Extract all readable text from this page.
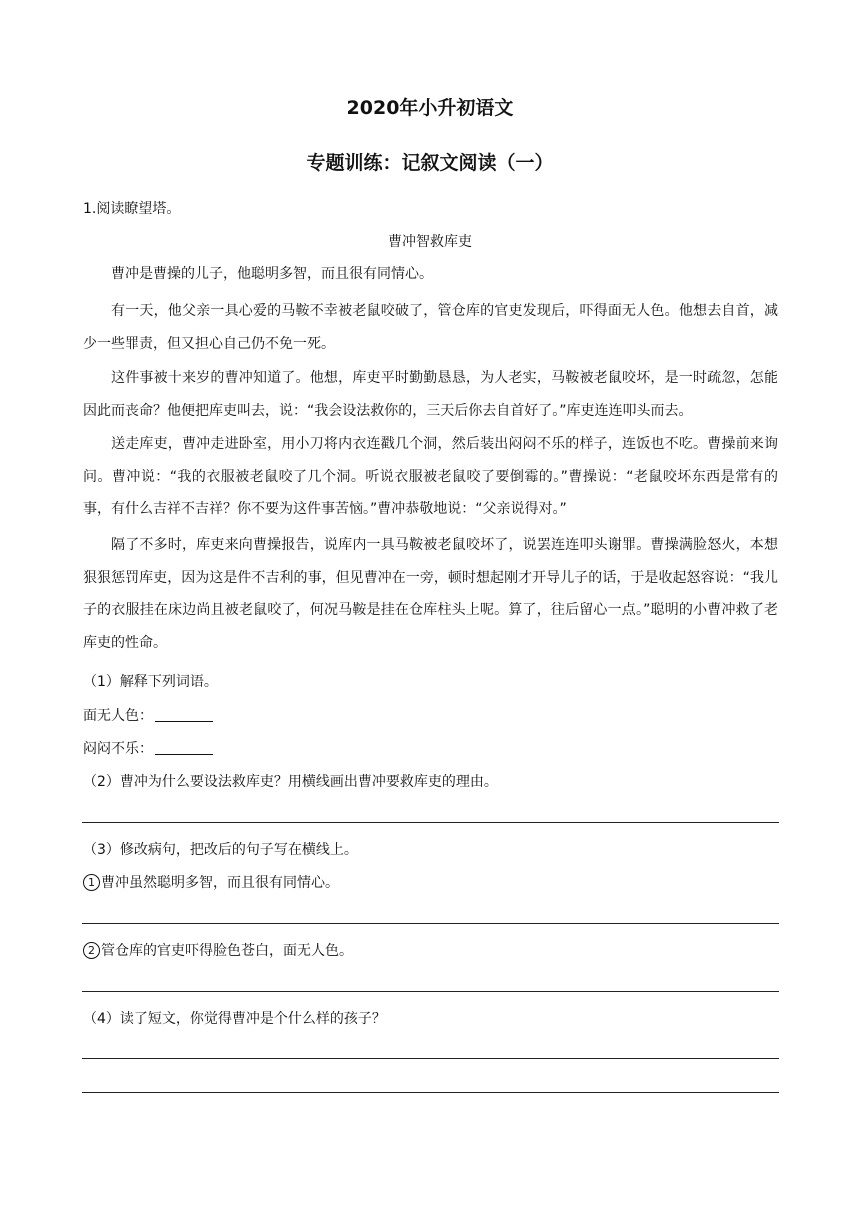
2020年小升初语文
专题训练：记叙文阅读（一）
1.阅读瞭望塔。
曹冲智救库吏
曹冲是曹操的儿子，他聪明多智，而且很有同情心。
有一天，他父亲一具心爱的马鞍不幸被老鼠咬破了，管仓库的官吏发现后，吓得面无人色。他想去自首，减少一些罪责，但又担心自己仍不免一死。
这件事被十来岁的曹冲知道了。他想，库吏平时勤勤恳恳，为人老实，马鞍被老鼠咬坏，是一时疏忽，怎能因此而丧命？他便把库吏叫去，说：“我会设法救你的，三天后你去自首好了。”库吏连连叩头而去。
送走库吏，曹冲走进卧室，用小刀将内衣连戳几个洞，然后装出闷闷不乐的样子，连饭也不吃。曹操前来询问。曹冲说：“我的衣服被老鼠咬了几个洞。听说衣服被老鼠咬了要倒霉的。”曹操说：“老鼠咬坏东西是常有的事，有什么吉祥不吉祥？你不要为这件事苦恼。”曹冲恭敬地说：“父亲说得对。”
隔了不多时，库吏来向曹操报告，说库内一具马鞍被老鼠咬坏了，说罢连连叩头谢罪。曹操满脸怒火，本想狠狠惩罚库吏，因为这是件不吉利的事，但见曹冲在一旁，顿时想起刚才开导儿子的话，于是收起怒容说：“我儿子的衣服挂在床边尚且被老鼠咬了，何况马鞍是挂在仓库柱头上呢。算了，往后留心一点。”聪明的小曹冲救了老库吏的性命。
（1）解释下列词语。
面无人色：
闷闷不乐：
（2）曹冲为什么要设法救库吏？用横线画出曹冲要救库吏的理由。
（3）修改病句，把改后的句子写在横线上。
1 曹冲虽然聪明多智，而且很有同情心。
2 管仓库的官吏吓得脸色苍白，面无人色。
（4）读了短文，你觉得曹冲是个什么样的孩子？
